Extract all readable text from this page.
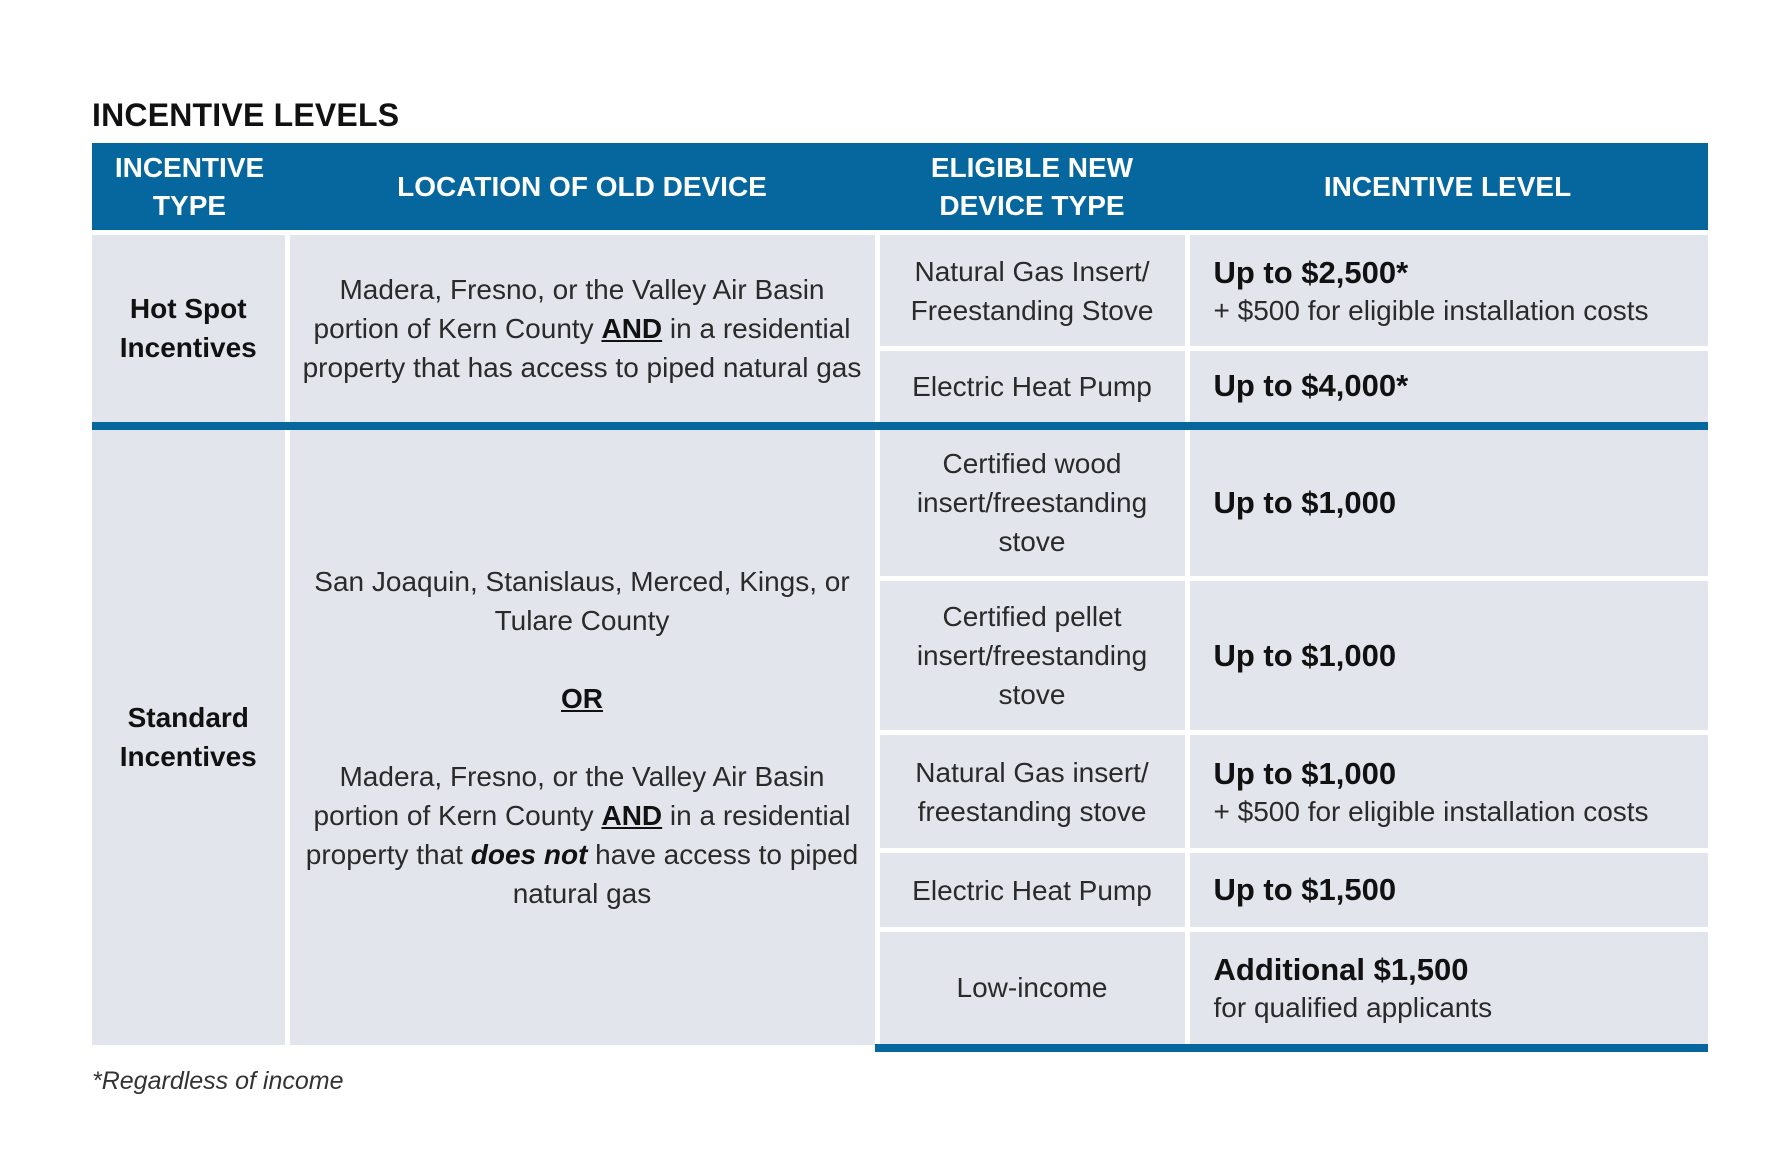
INCENTIVE LEVELS
INCENTIVE TYPE	LOCATION OF OLD DEVICE	ELIGIBLE NEW DEVICE TYPE	INCENTIVE LEVEL
Hot Spot Incentives	Madera, Fresno, or the Valley Air Basin portion of Kern County AND in a residential property that has access to piped natural gas	Natural Gas Insert/ Freestanding Stove	Up to $2,500*
+ $500 for eligible installation costs

		Electric Heat Pump	Up to $4,000*

Standard Incentives	San Joaquin, Stanislaus, Merced, Kings, or Tulare County
OR
Madera, Fresno, or the Valley Air Basin portion of Kern County AND in a residential property that does not have access to piped natural gas	Certified wood insert/freestanding stove	Up to $1,000

		Certified pellet insert/freestanding stove	Up to $1,000

		Natural Gas insert/ freestanding stove	Up to $1,000
+ $500 for eligible installation costs

		Electric Heat Pump	Up to $1,500

		Low-income	Additional $1,500
for qualified applicants
*Regardless of income
